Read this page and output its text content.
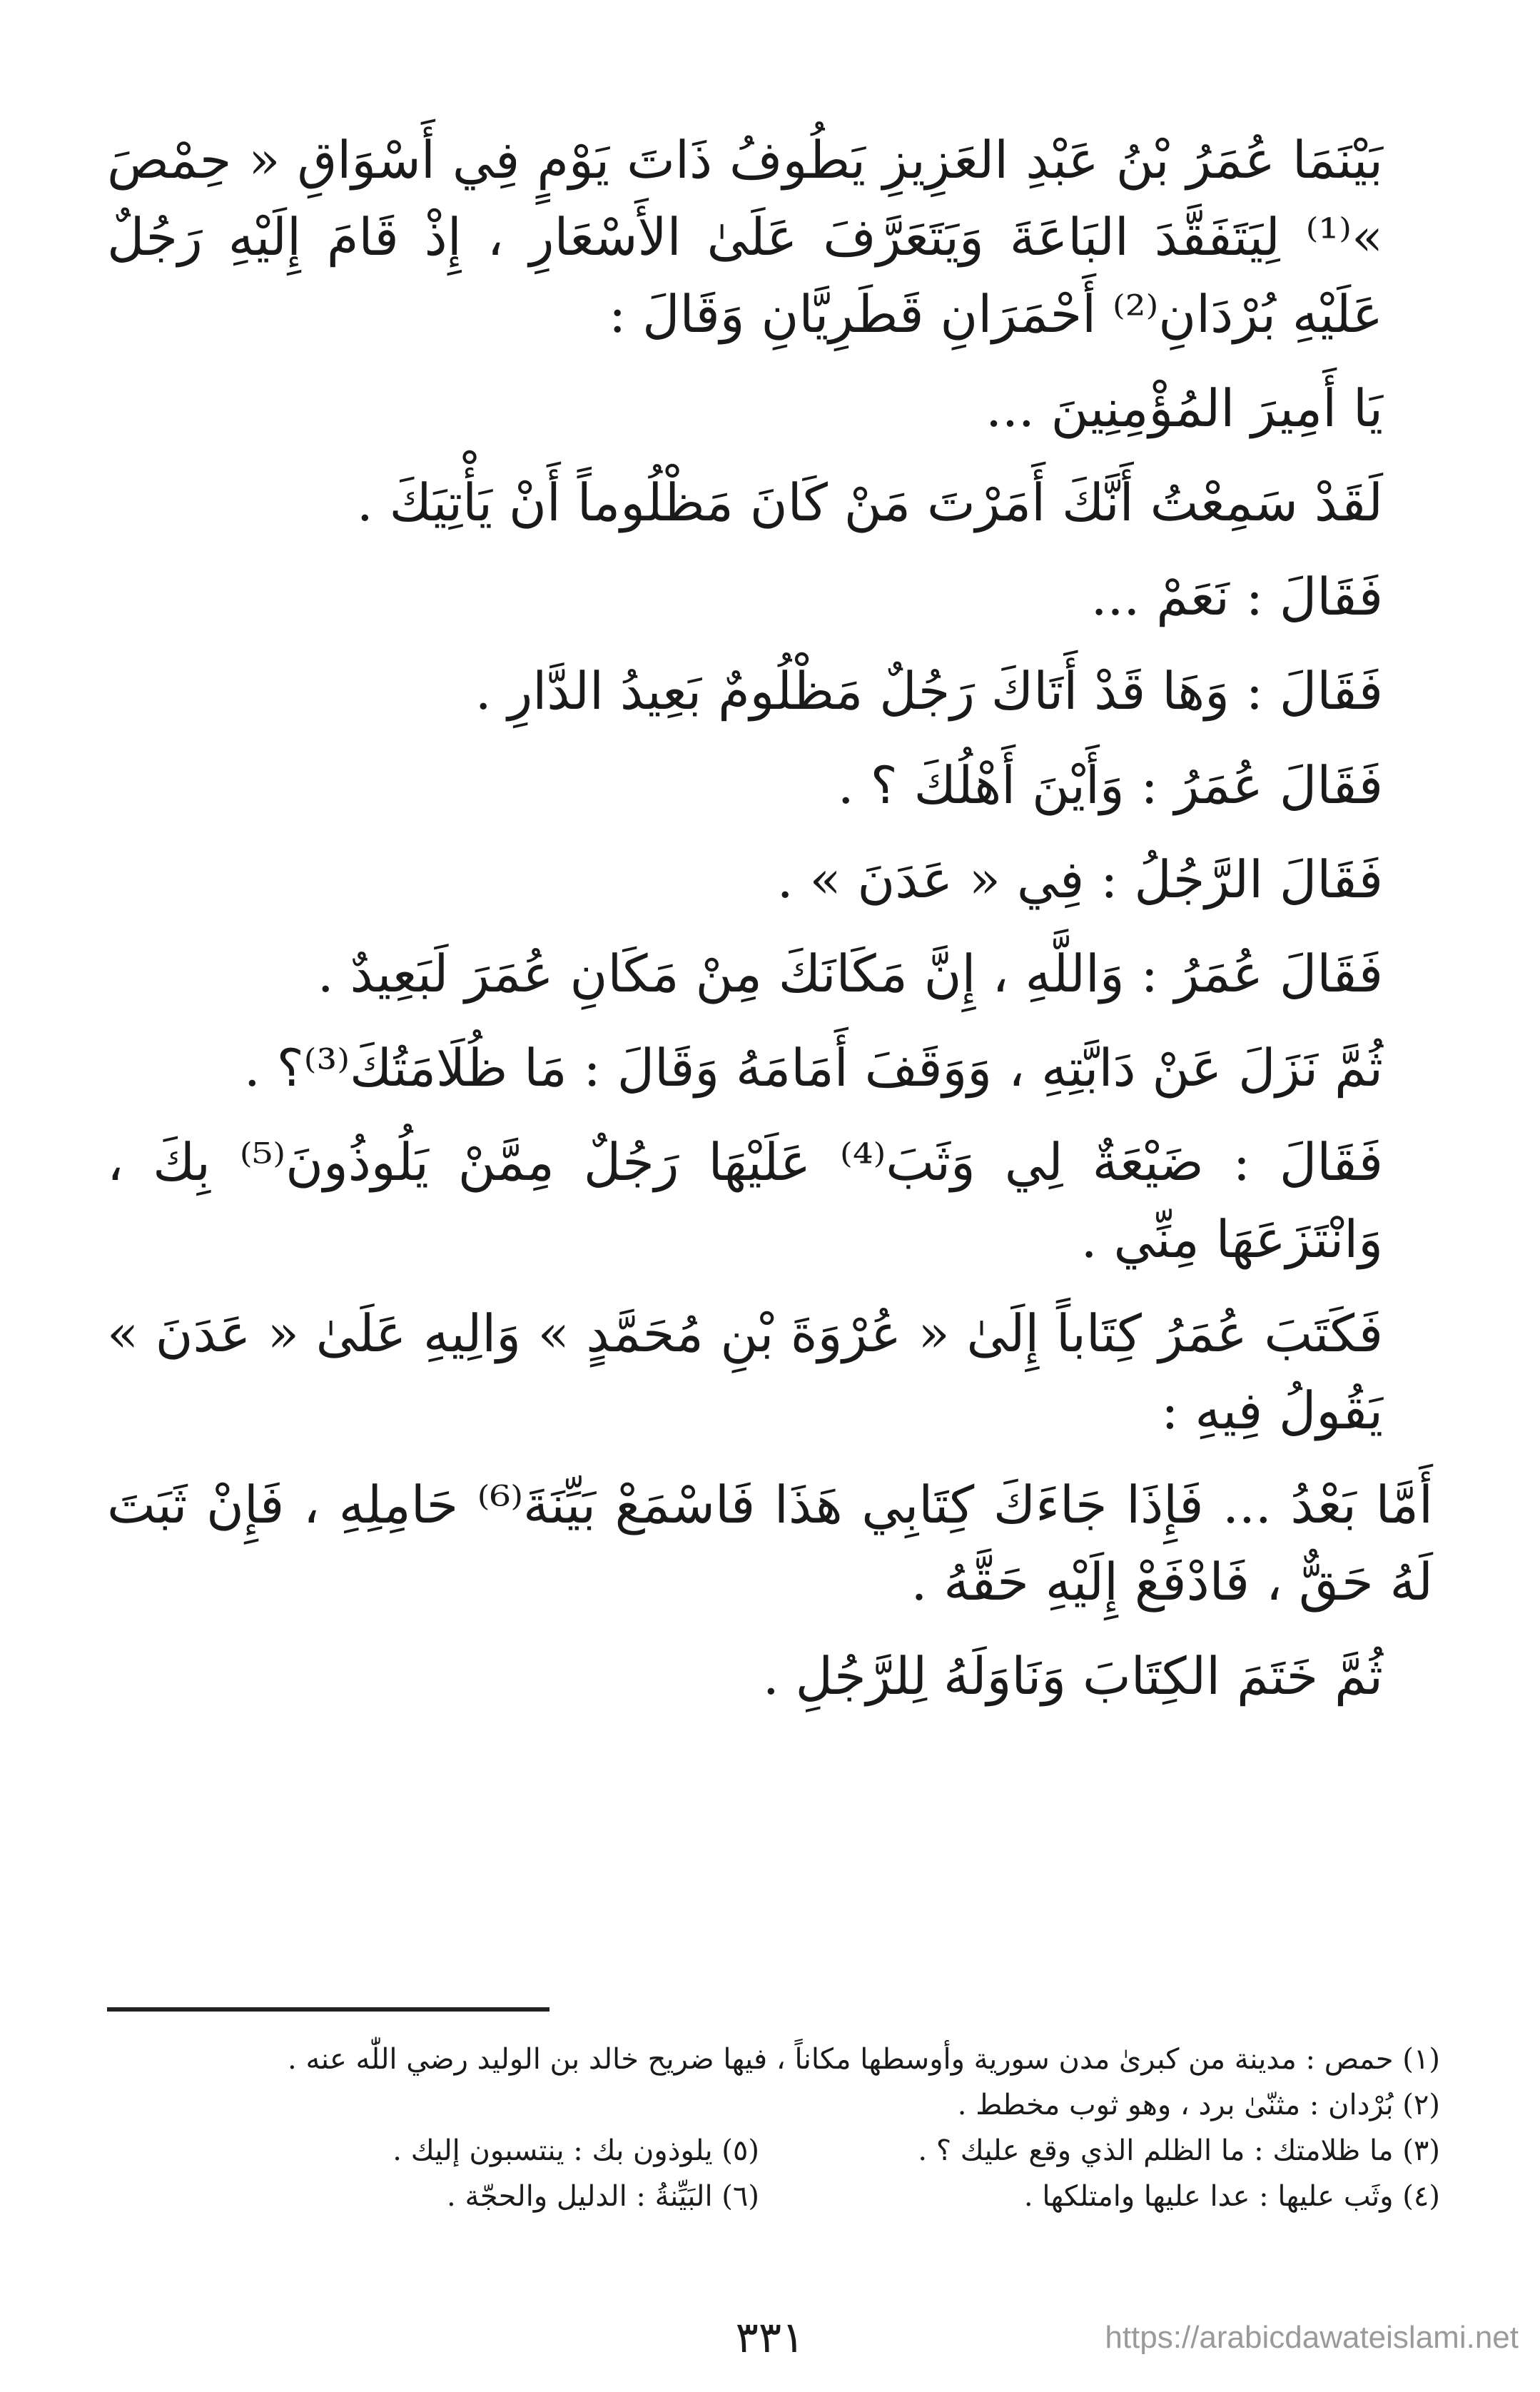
بَيْنَمَا عُمَرُ بْنُ عَبْدِ العَزِيزِ يَطُوفُ ذَاتَ يَوْمٍ فِي أَسْوَاقِ « حِمْصَ »⁽¹⁾ لِيَتَفَقَّدَ البَاعَةَ وَيَتَعَرَّفَ عَلَىٰ الأَسْعَارِ ، إِذْ قَامَ إِلَيْهِ رَجُلٌ عَلَيْهِ بُرْدَانِ⁽²⁾ أَحْمَرَانِ قَطَرِيَّانِ وَقَالَ :

يَا أَمِيرَ المُؤْمِنِينَ ...

لَقَدْ سَمِعْتُ أَنَّكَ أَمَرْتَ مَنْ كَانَ مَظْلُوماً أَنْ يَأْتِيَكَ .

فَقَالَ : نَعَمْ ...

فَقَالَ : وَهَا قَدْ أَتَاكَ رَجُلٌ مَظْلُومٌ بَعِيدُ الدَّارِ .

فَقَالَ عُمَرُ : وَأَيْنَ أَهْلُكَ ؟ .

فَقَالَ الرَّجُلُ : فِي « عَدَنَ » .

فَقَالَ عُمَرُ : وَاللَّهِ ، إِنَّ مَكَانَكَ مِنْ مَكَانِ عُمَرَ لَبَعِيدٌ .

ثُمَّ نَزَلَ عَنْ دَابَّتِهِ ، وَوَقَفَ أَمَامَهُ وَقَالَ : مَا ظُلَامَتُكَ⁽³⁾؟ .

فَقَالَ : ضَيْعَةٌ لِي وَثَبَ⁽⁴⁾ عَلَيْهَا رَجُلٌ مِمَّنْ يَلُوذُونَ⁽⁵⁾ بِكَ ، وَانْتَزَعَهَا مِنِّي .

فَكَتَبَ عُمَرُ كِتَاباً إِلَىٰ « عُرْوَةَ بْنِ مُحَمَّدٍ » وَالِيهِ عَلَىٰ « عَدَنَ » يَقُولُ فِيهِ :

أَمَّا بَعْدُ ... فَإِذَا جَاءَكَ كِتَابِي هَذَا فَاسْمَعْ بَيِّنَةَ⁽⁶⁾ حَامِلِهِ ، فَإِنْ ثَبَتَ لَهُ حَقٌّ ، فَادْفَعْ إِلَيْهِ حَقَّهُ .

ثُمَّ خَتَمَ الكِتَابَ وَنَاوَلَهُ لِلرَّجُلِ .

(١) حمص : مدينة من كبرىٰ مدن سورية وأوسطها مكاناً ، فيها ضريح خالد بن الوليد رضي اللّٰه عنه .
(٢) بُرْدان : مثنّىٰ برد ، وهو ثوب مخطط .
(٣) ما ظلامتك : ما الظلم الذي وقع عليك ؟ .
(٥) يلوذون بك : ينتسبون إليك .
(٤) وثَب عليها : عدا عليها وامتلكها .
(٦) البَيِّنةُ : الدليل والحجّة .
٣٣١	https://arabicdawateislami.net
